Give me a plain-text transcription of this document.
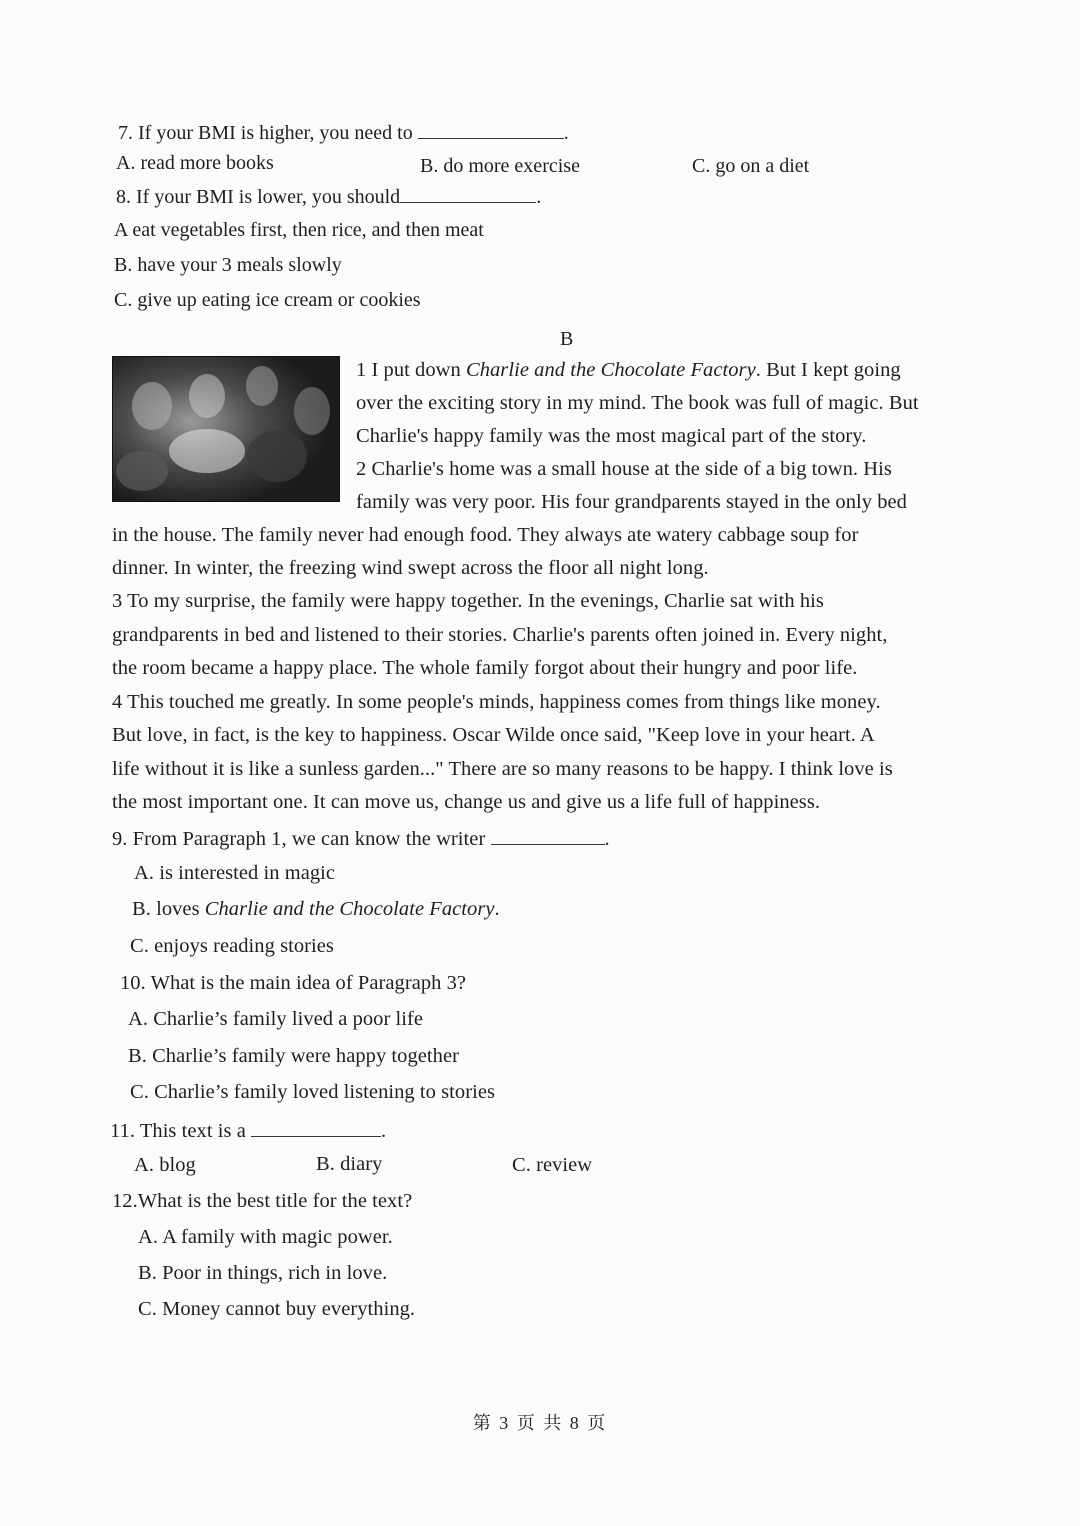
7. If your BMI is higher, you need to	.
A. read more books	B. do more exercise	C. go on a diet
8. If your BMI is lower, you should	.
A eat vegetables first, then rice, and then meat
B. have your 3 meals slowly
C. give up eating ice cream or cookies
B
1 I put down Charlie and the Chocolate Factory. But I kept going
over the exciting story in my mind. The book was full of magic. But
Charlie's happy family was the most magical part of the story.
2 Charlie's home was a small house at the side of a big town. His
family was very poor. His four grandparents stayed in the only bed
in the house. The family never had enough food. They always ate watery cabbage soup for
dinner. In winter, the freezing wind swept across the floor all night long.
3 To my surprise, the family were happy together. In the evenings, Charlie sat with his
grandparents in bed and listened to their stories. Charlie's parents often joined in. Every night,
the room became a happy place. The whole family forgot about their hungry and poor life.
4 This touched me greatly. In some people's minds, happiness comes from things like money.
But love, in fact, is the key to happiness. Oscar Wilde once said, "Keep love in your heart. A
life without it is like a sunless garden..." There are so many reasons to be happy. I think love is
the most important one. It can move us, change us and give us a life full of happiness.
9. From Paragraph 1, we can know the writer	.
A. is interested in magic
B. loves Charlie and the Chocolate Factory.
C. enjoys reading stories
10. What is the main idea of Paragraph 3?
A. Charlie’s family lived a poor life
B. Charlie’s family were happy together
C. Charlie’s family loved listening to stories
11. This text is a	.
A. blog	B. diary	C. review
12.What is the best title for the text?
A. A family with magic power.
B. Poor in things, rich in love.
C. Money cannot buy everything.
第 3 页 共 8 页
